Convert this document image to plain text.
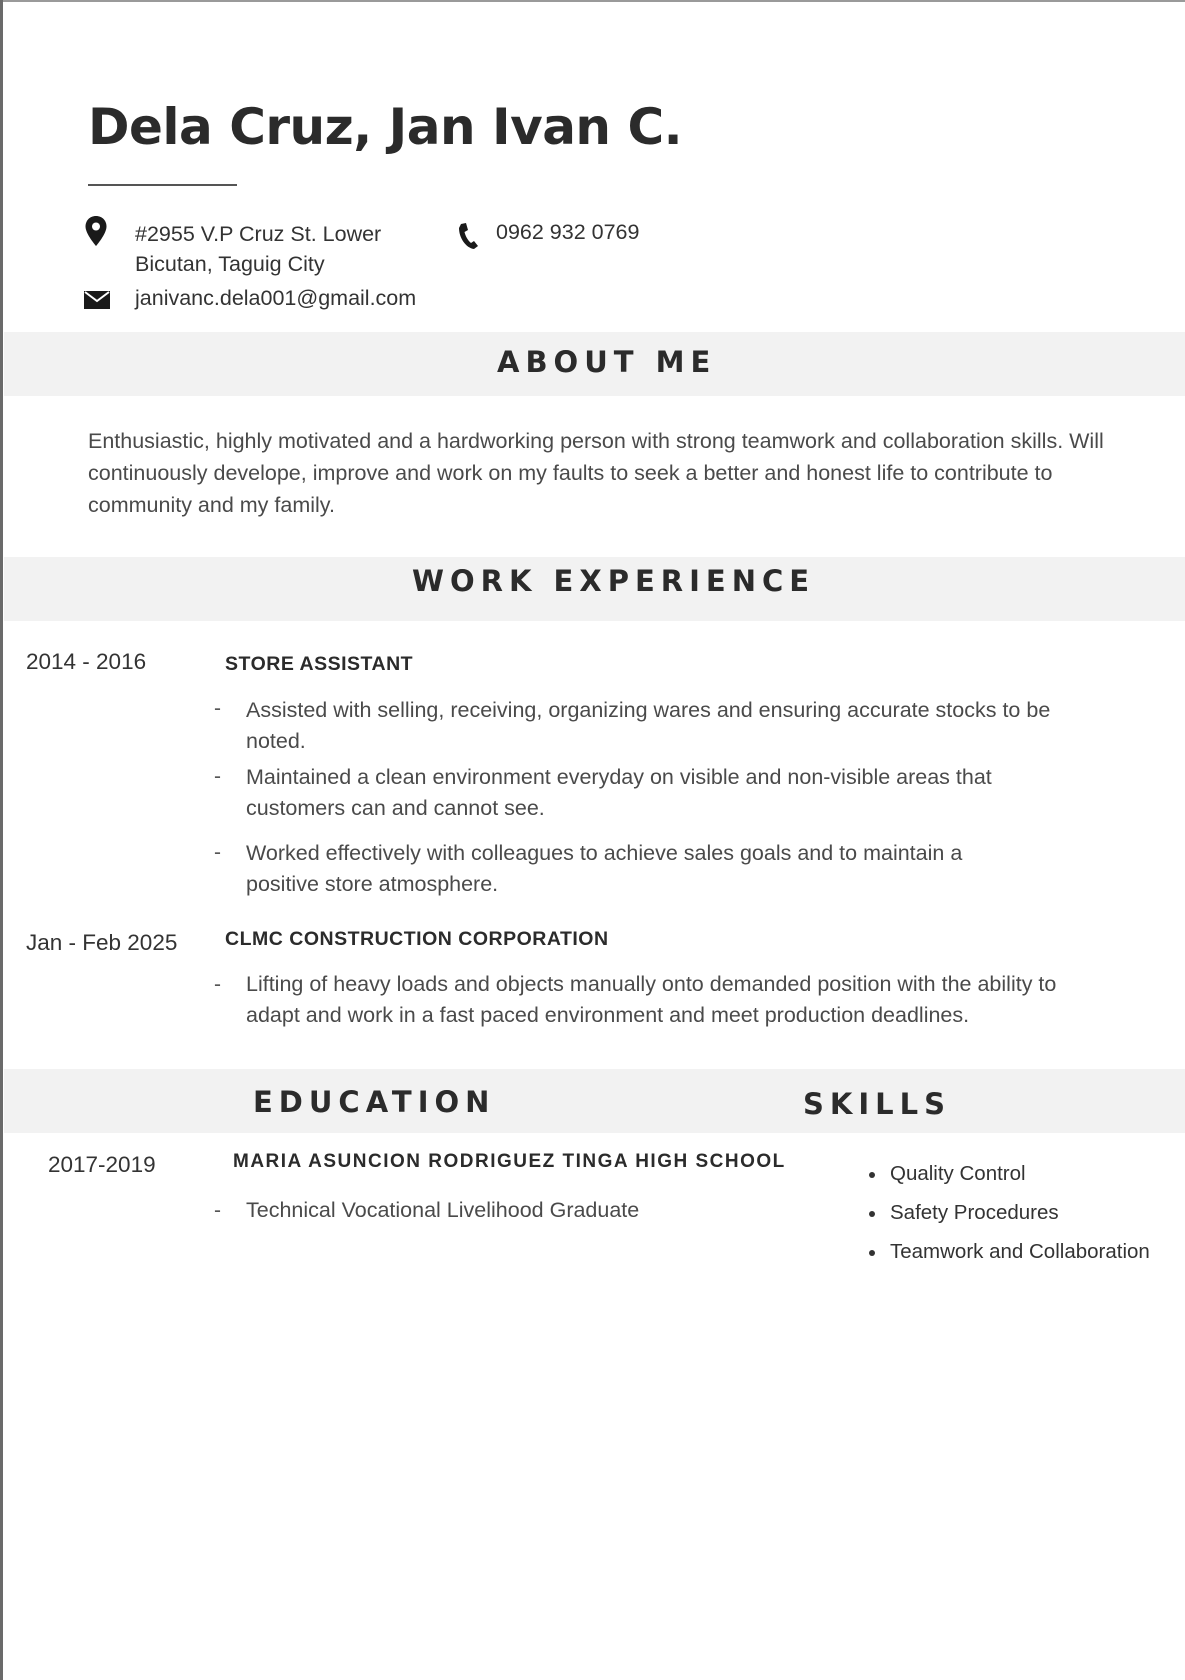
Dela Cruz, Jan Ivan C.
#2955 V.P Cruz St. Lower
Bicutan, Taguig City
0962 932 0769
janivanc.dela001@gmail.com
ABOUT ME

Enthusiastic, highly motivated and a hardworking person with strong teamwork and collaboration skills. Will continuously develope, improve and work on my faults to seek a better and honest life to contribute to community and my family.

WORK EXPERIENCE
2014 - 2016	STORE ASSISTANT
- Assisted with selling, receiving, organizing wares and ensuring accurate stocks to be noted.
- Maintained a clean environment everyday on visible and non-visible areas that customers can and cannot see.
- Worked effectively with colleagues to achieve sales goals and to maintain a positive store atmosphere.
Jan - Feb 2025 CLMC CONSTRUCTION CORPORATION
- Lifting of heavy loads and objects manually onto demanded position with the ability to adapt and work in a fast paced environment and meet production deadlines.
EDUCATION	SKILLS
2017-2019	MARIA ASUNCION RODRIGUEZ TINGA HIGH SCHOOL
- Technical Vocational Livelihood Graduate
Quality Control
Safety Procedures
Teamwork and Collaboration
